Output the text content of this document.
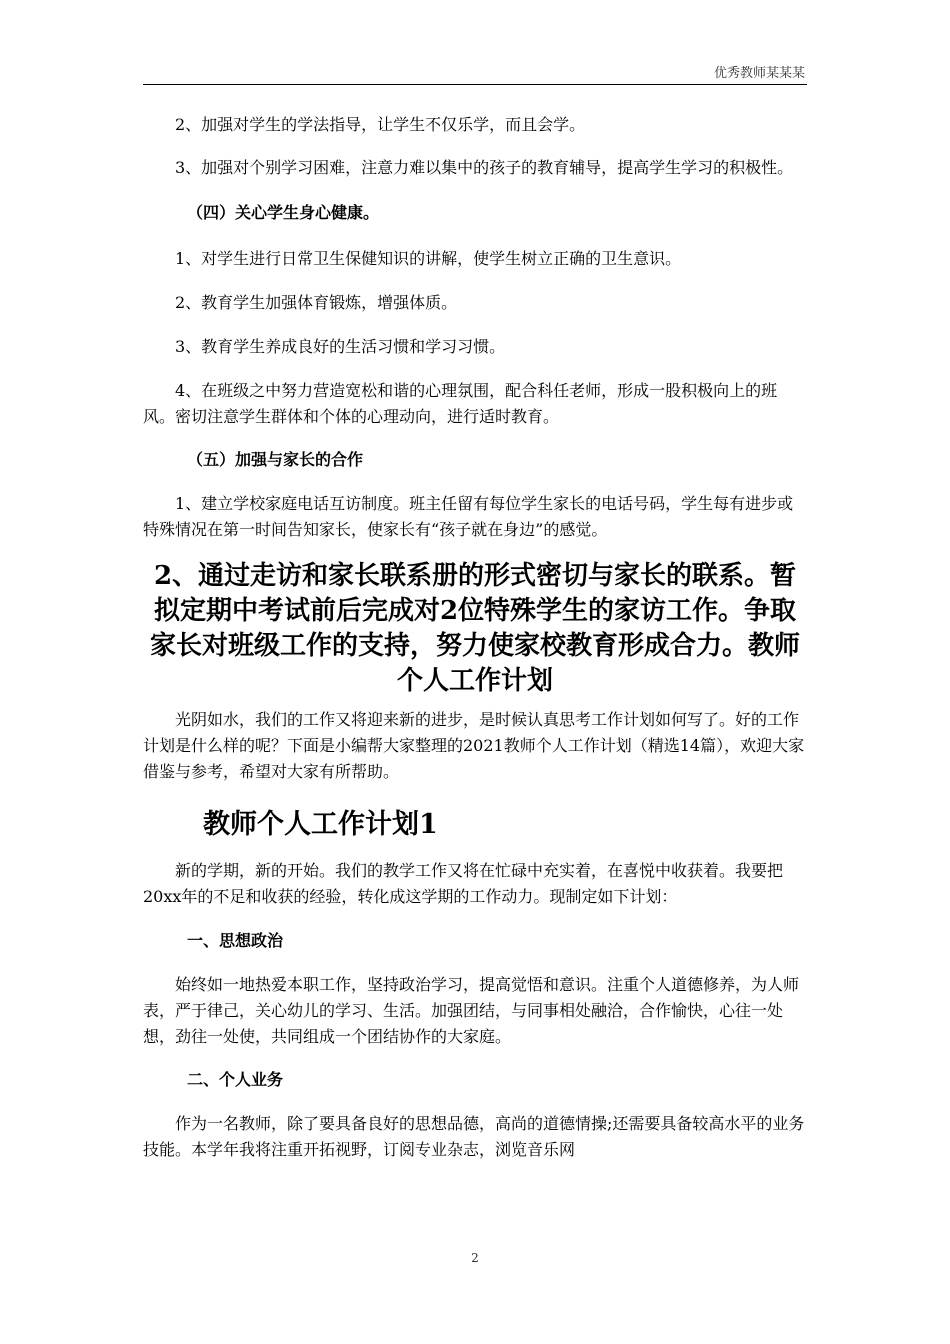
优秀教师某某某

2、加强对学生的学法指导，让学生不仅乐学，而且会学。

3、加强对个别学习困难，注意力难以集中的孩子的教育辅导，提高学生学习的积极性。

（四）关心学生身心健康。

1、对学生进行日常卫生保健知识的讲解，使学生树立正确的卫生意识。

2、教育学生加强体育锻炼，增强体质。

3、教育学生养成良好的生活习惯和学习习惯。

4、在班级之中努力营造宽松和谐的心理氛围，配合科任老师，形成一股积极向上的班风。密切注意学生群体和个体的心理动向，进行适时教育。

（五）加强与家长的合作

1、建立学校家庭电话互访制度。班主任留有每位学生家长的电话号码，学生每有进步或特殊情况在第一时间告知家长，使家长有“孩子就在身边”的感觉。

2、通过走访和家长联系册的形式密切与家长的联系。暂拟定期中考试前后完成对2位特殊学生的家访工作。争取家长对班级工作的支持，努力使家校教育形成合力。教师个人工作计划

光阴如水，我们的工作又将迎来新的进步，是时候认真思考工作计划如何写了。好的工作计划是什么样的呢？下面是小编帮大家整理的2021教师个人工作计划（精选14篇），欢迎大家借鉴与参考，希望对大家有所帮助。

教师个人工作计划1

新的学期，新的开始。我们的教学工作又将在忙碌中充实着，在喜悦中收获着。我要把20xx年的不足和收获的经验，转化成这学期的工作动力。现制定如下计划：

一、思想政治

始终如一地热爱本职工作，坚持政治学习，提高觉悟和意识。注重个人道德修养，为人师表，严于律己，关心幼儿的学习、生活。加强团结，与同事相处融洽，合作愉快，心往一处想，劲往一处使，共同组成一个团结协作的大家庭。

二、个人业务

作为一名教师，除了要具备良好的思想品德，高尚的道德情操;还需要具备较高水平的业务技能。本学年我将注重开拓视野，订阅专业杂志，浏览音乐网

2
